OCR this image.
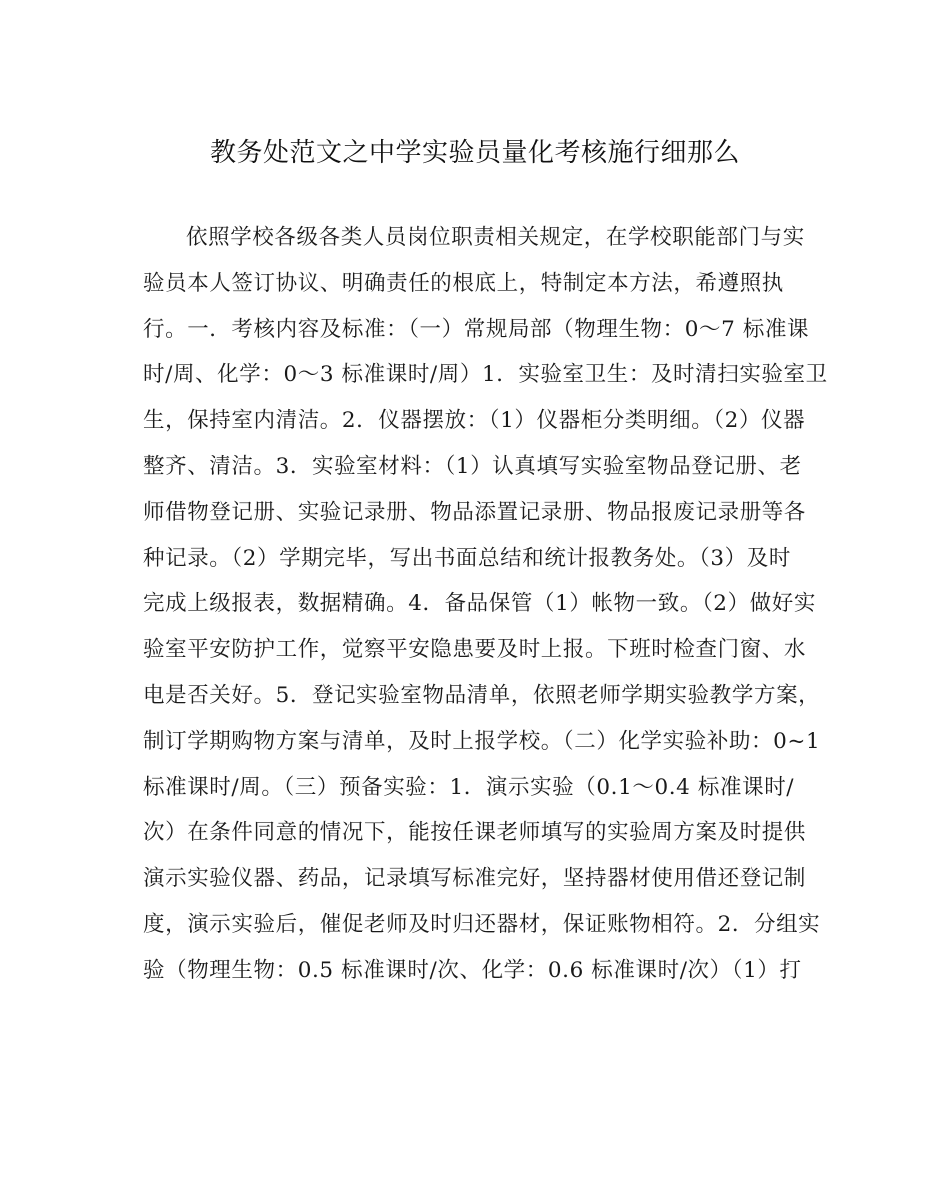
教务处范文之中学实验员量化考核施行细那么
依照学校各级各类人员岗位职责相关规定，在学校职能部门与实
验员本人签订协议、明确责任的根底上，特制定本方法，希遵照执
行。一．考核内容及标准：（一）常规局部（物理生物：0～7 标准课
时/周、化学：0～3 标准课时/周）1．实验室卫生：及时清扫实验室卫
生，保持室内清洁。2．仪器摆放：（1）仪器柜分类明细。（2）仪器
整齐、清洁。3．实验室材料：（1）认真填写实验室物品登记册、老
师借物登记册、实验记录册、物品添置记录册、物品报废记录册等各
种记录。（2）学期完毕，写出书面总结和统计报教务处。（3）及时
完成上级报表，数据精确。4．备品保管（1）帐物一致。（2）做好实
验室平安防护工作，觉察平安隐患要及时上报。下班时检查门窗、水
电是否关好。5．登记实验室物品清单，依照老师学期实验教学方案，
制订学期购物方案与清单，及时上报学校。（二）化学实验补助：0~1
标准课时/周。（三）预备实验：1．演示实验（0.1～0.4 标准课时/
次）在条件同意的情况下，能按任课老师填写的实验周方案及时提供
演示实验仪器、药品，记录填写标准完好，坚持器材使用借还登记制
度，演示实验后，催促老师及时归还器材，保证账物相符。2．分组实
验（物理生物：0.5 标准课时/次、化学：0.6 标准课时/次）（1）打
